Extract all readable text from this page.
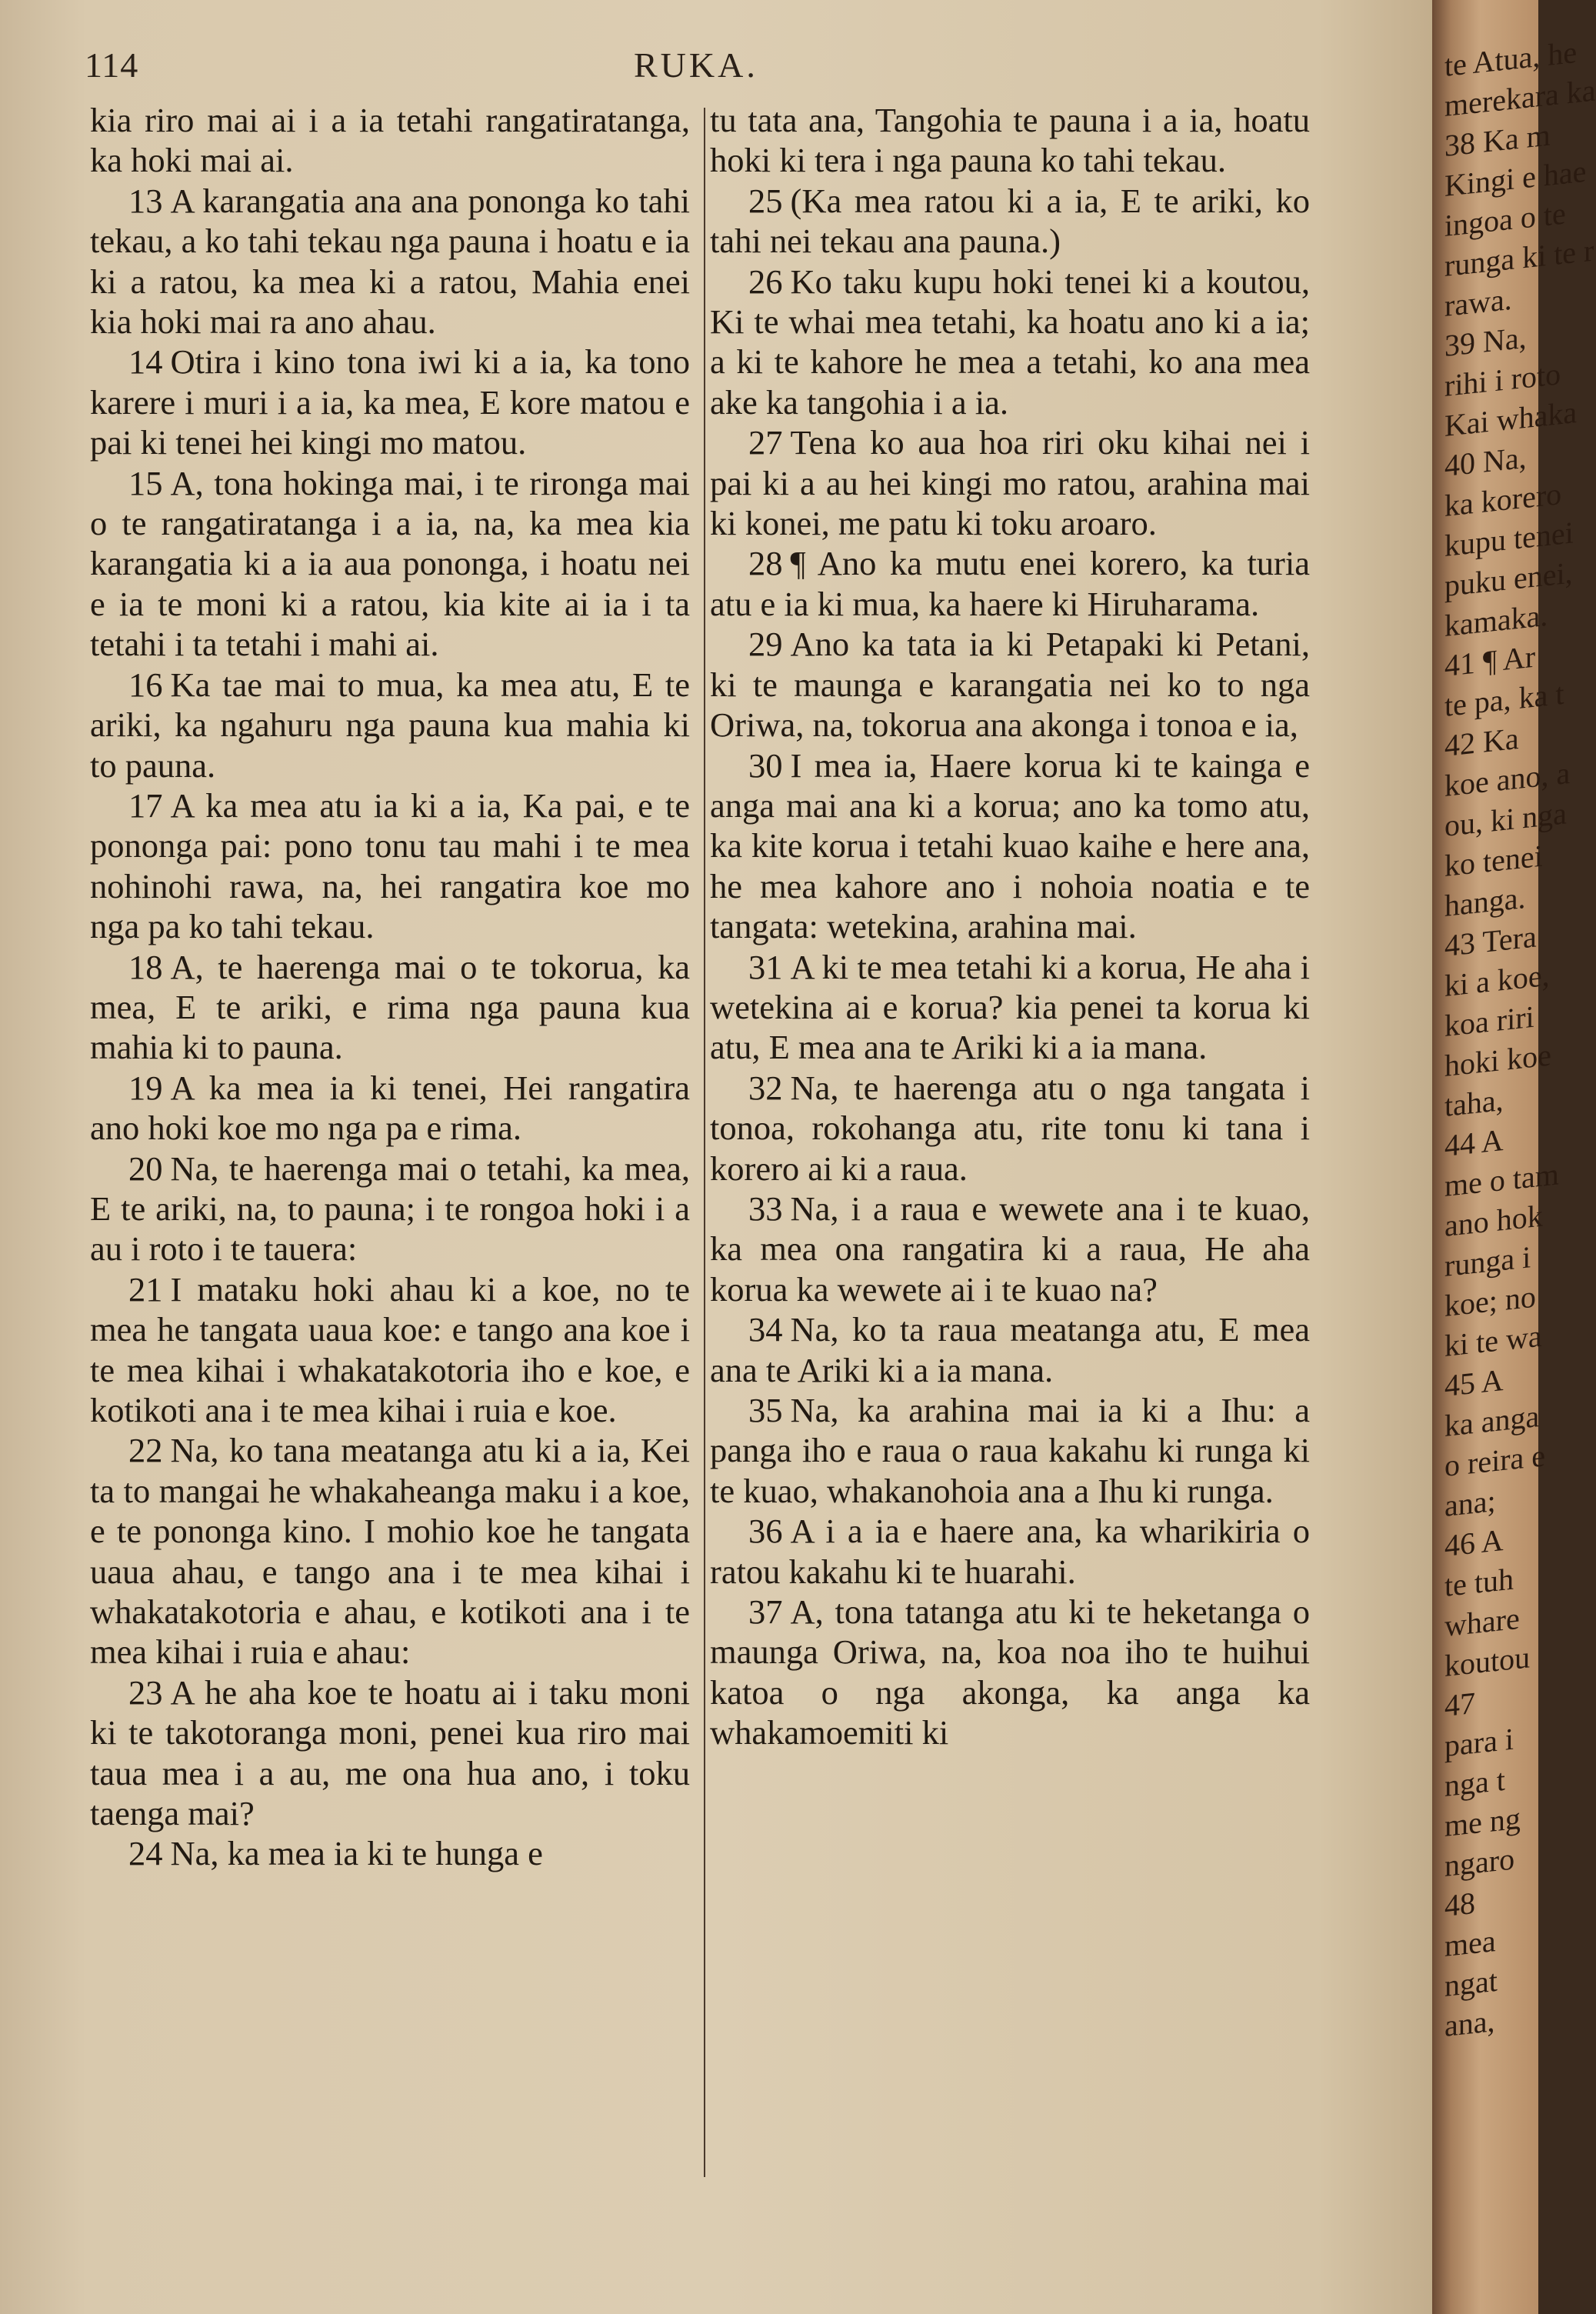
114	RUKA.

kia riro mai ai i a ia tetahi rangatiratanga, ka hoki mai ai.

13 A karangatia ana ana pononga ko tahi tekau, a ko tahi tekau nga pauna i hoatu e ia ki a ratou, ka mea ki a ratou, Mahia enei kia hoki mai ra ano ahau.

14 Otira i kino tona iwi ki a ia, ka tono karere i muri i a ia, ka mea, E kore matou e pai ki tenei hei kingi mo matou.

15 A, tona hokinga mai, i te rironga mai o te rangatiratanga i a ia, na, ka mea kia karangatia ki a ia aua pononga, i hoatu nei e ia te moni ki a ratou, kia kite ai ia i ta tetahi i ta tetahi i mahi ai.

16 Ka tae mai to mua, ka mea atu, E te ariki, ka ngahuru nga pauna kua mahia ki to pauna.

17 A ka mea atu ia ki a ia, Ka pai, e te pononga pai: pono tonu tau mahi i te mea nohinohi rawa, na, hei rangatira koe mo nga pa ko tahi tekau.

18 A, te haerenga mai o te tokorua, ka mea, E te ariki, e rima nga pauna kua mahia ki to pauna.

19 A ka mea ia ki tenei, Hei rangatira ano hoki koe mo nga pa e rima.

20 Na, te haerenga mai o tetahi, ka mea, E te ariki, na, to pauna; i te rongoa hoki i a au i roto i te tauera:

21 I mataku hoki ahau ki a koe, no te mea he tangata uaua koe: e tango ana koe i te mea kihai i whakatakotoria iho e koe, e kotikoti ana i te mea kihai i ruia e koe.

22 Na, ko tana meatanga atu ki a ia, Kei ta to mangai he whakaheanga maku i a koe, e te pononga kino. I mohio koe he tangata uaua ahau, e tango ana i te mea kihai i whakatakotoria e ahau, e kotikoti ana i te mea kihai i ruia e ahau:

23 A he aha koe te hoatu ai i taku moni ki te takotoranga moni, penei kua riro mai taua mea i a au, me ona hua ano, i toku taenga mai?

24 Na, ka mea ia ki te hunga e

tu tata ana, Tangohia te pauna i a ia, hoatu hoki ki tera i nga pauna ko tahi tekau.

25 (Ka mea ratou ki a ia, E te ariki, ko tahi nei tekau ana pauna.)

26 Ko taku kupu hoki tenei ki a koutou, Ki te whai mea tetahi, ka hoatu ano ki a ia; a ki te kahore he mea a tetahi, ko ana mea ake ka tangohia i a ia.

27 Tena ko aua hoa riri oku kihai nei i pai ki a au hei kingi mo ratou, arahina mai ki konei, me patu ki toku aroaro.

28 ¶ Ano ka mutu enei korero, ka turia atu e ia ki mua, ka haere ki Hiruharama.

29 Ano ka tata ia ki Petapaki ki Petani, ki te maunga e karangatia nei ko to nga Oriwa, na, tokorua ana akonga i tonoa e ia,

30 I mea ia, Haere korua ki te kainga e anga mai ana ki a korua; ano ka tomo atu, ka kite korua i tetahi kuao kaihe e here ana, he mea kahore ano i nohoia noatia e te tangata: wetekina, arahina mai.

31 A ki te mea tetahi ki a korua, He aha i wetekina ai e korua? kia penei ta korua ki atu, E mea ana te Ariki ki a ia mana.

32 Na, te haerenga atu o nga tangata i tonoa, rokohanga atu, rite tonu ki tana i korero ai ki a raua.

33 Na, i a raua e wewete ana i te kuao, ka mea ona rangatira ki a raua, He aha korua ka wewete ai i te kuao na?

34 Na, ko ta raua meatanga atu, E mea ana te Ariki ki a ia mana.

35 Na, ka arahina mai ia ki a Ihu: a panga iho e raua o raua kakahu ki runga ki te kuao, whakanohoia ana a Ihu ki runga.

36 A i a ia e haere ana, ka wharikiria o ratou kakahu ki te huarahi.

37 A, tona tatanga atu ki te heketanga o maunga Oriwa, na, koa noa iho te huihui katoa o nga akonga, ka anga ka whakamoemiti ki

te Atua, he
merekara ka
38 Ka m
Kingi e hae
ingoa o te
runga ki te r
rawa.
39 Na,
rihi i roto
Kai whaka
40 Na,
ka korero
kupu tenei
puku enei,
kamaka.
41 ¶ Ar
te pa, ka t
42 Ka
koe ano, a
ou, ki nga
ko tenei
hanga.
43 Tera
ki a koe,
koa riri
hoki koe
taha,
44 A
me o tam
ano hok
runga i
koe; no
ki te wa
45 A
ka anga
o reira e
ana;
46 A
te tuh
whare
koutou
47
para i
nga t
me ng
ngaro
48
mea
ngat
ana,
